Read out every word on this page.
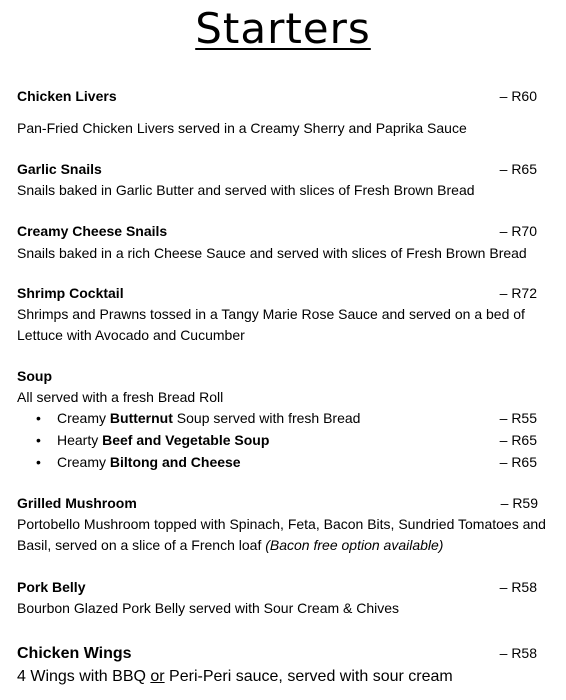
Starters
Chicken Livers	– R60
Pan-Fried Chicken Livers served in a Creamy Sherry and Paprika Sauce
Garlic Snails	– R65
Snails baked in Garlic Butter and served with slices of Fresh Brown Bread
Creamy Cheese Snails	– R70
Snails baked in a rich Cheese Sauce and served with slices of Fresh Brown Bread
Shrimp Cocktail	– R72
Shrimps and Prawns tossed in a Tangy Marie Rose Sauce and served on a bed of Lettuce with Avocado and Cucumber
Soup
All served with a fresh Bread Roll
• Creamy Butternut Soup served with fresh Bread	– R55
• Hearty Beef and Vegetable Soup	– R65
• Creamy Biltong and Cheese	– R65
Grilled Mushroom	– R59
Portobello Mushroom topped with Spinach, Feta, Bacon Bits, Sundried Tomatoes and Basil, served on a slice of a French loaf (Bacon free option available)
Pork Belly	– R58
Bourbon Glazed Pork Belly served with Sour Cream & Chives
Chicken Wings	– R58
4 Wings with BBQ or Peri-Peri sauce, served with sour cream
